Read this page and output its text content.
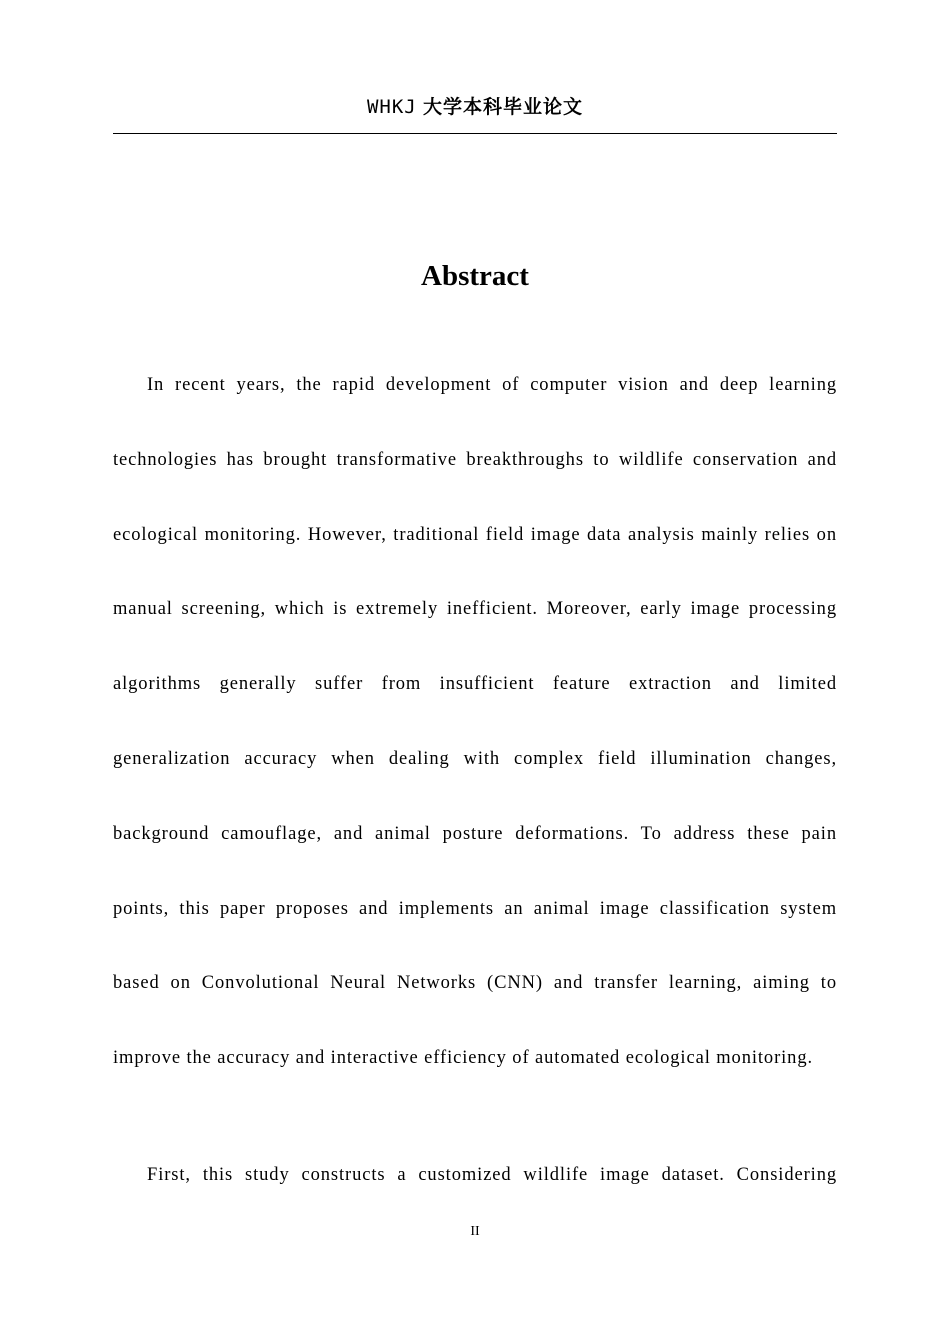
WHKJ 大学本科毕业论文
Abstract

In recent years, the rapid development of computer vision and deep learning technologies has brought transformative breakthroughs to wildlife conservation and ecological monitoring. However, traditional field image data analysis mainly relies on manual screening, which is extremely inefficient. Moreover, early image processing algorithms generally suffer from insufficient feature extraction and limited generalization accuracy when dealing with complex field illumination changes, background camouflage, and animal posture deformations. To address these pain points, this paper proposes and implements an animal image classification system based on Convolutional Neural Networks (CNN) and transfer learning, aiming to improve the accuracy and interactive efficiency of automated ecological monitoring.

First, this study constructs a customized wildlife image dataset. Considering

II
